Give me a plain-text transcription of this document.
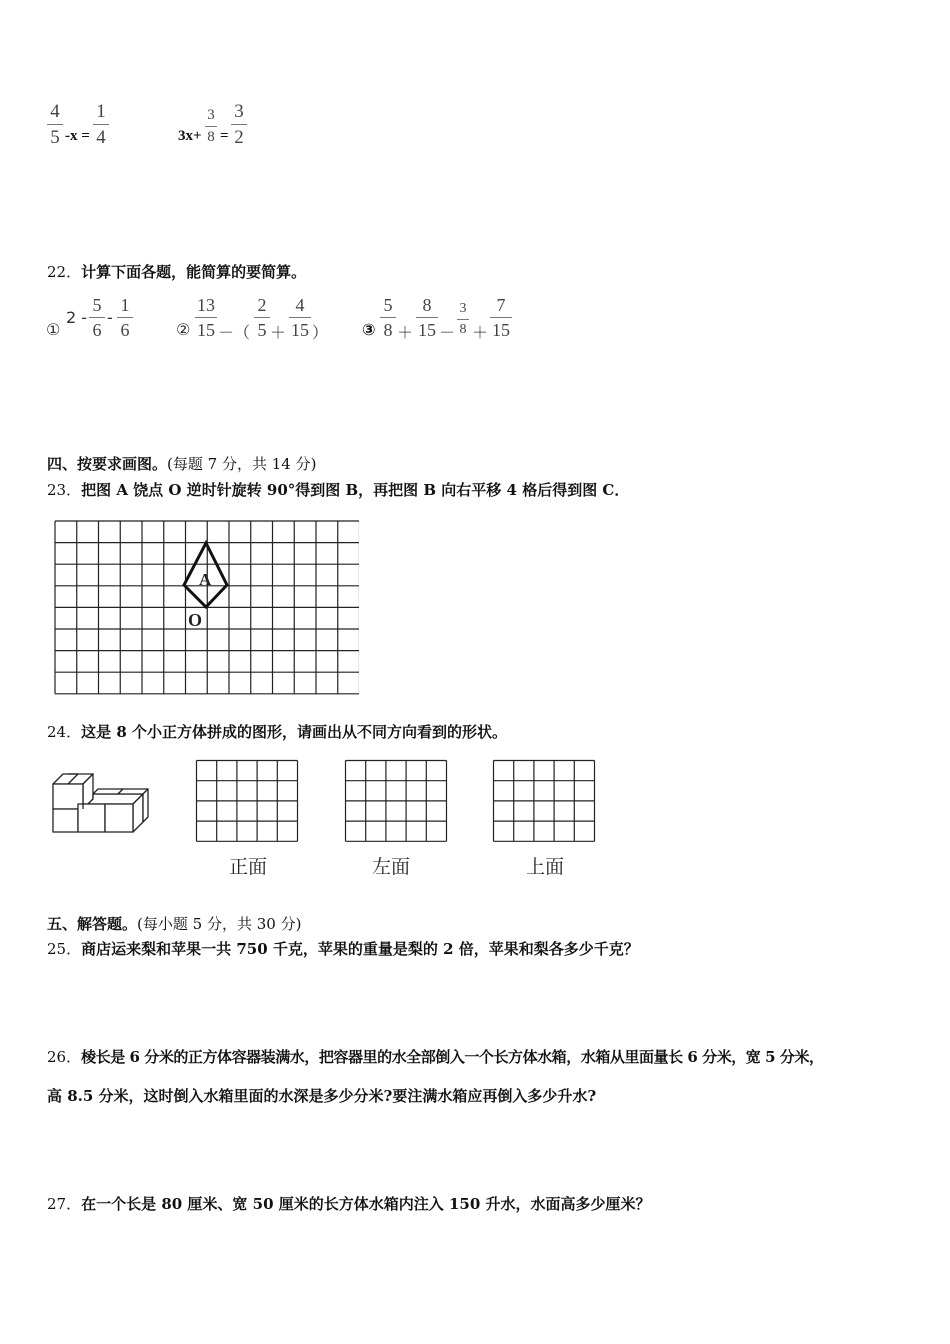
4
5 -x =
1
4	3x+
3
8 =
3
2
22．计算下面各题，能简算的要简算。
①
2 -
5
6
-
1
6	②
13
15 －（
2
5 ＋
4
15 ） ③
5
8 ＋
8
15 －
3
8 ＋
7
15
四、按要求画图。(每题 7 分，共 14 分)
23．把图 A 饶点 O 逆时针旋转 90°得到图 B，再把图 B 向右平移 4 格后得到图 C．
A
O
24．这是 8 个小正方体拼成的图形，请画出从不同方向看到的形状。
正面	左面	上面
五、解答题。(每小题 5 分，共 30 分)
25．商店运来梨和苹果一共 750 千克，苹果的重量是梨的 2 倍，苹果和梨各多少千克？
26．棱长是 6 分米的正方体容器装满水，把容器里的水全部倒入一个长方体水箱，水箱从里面量长 6 分米，宽 5 分米，
高 8.5 分米，这时倒入水箱里面的水深是多少分米?要注满水箱应再倒入多少升水?
27．在一个长是 80 厘米、宽 50 厘米的长方体水箱内注入 150 升水，水面高多少厘米？
